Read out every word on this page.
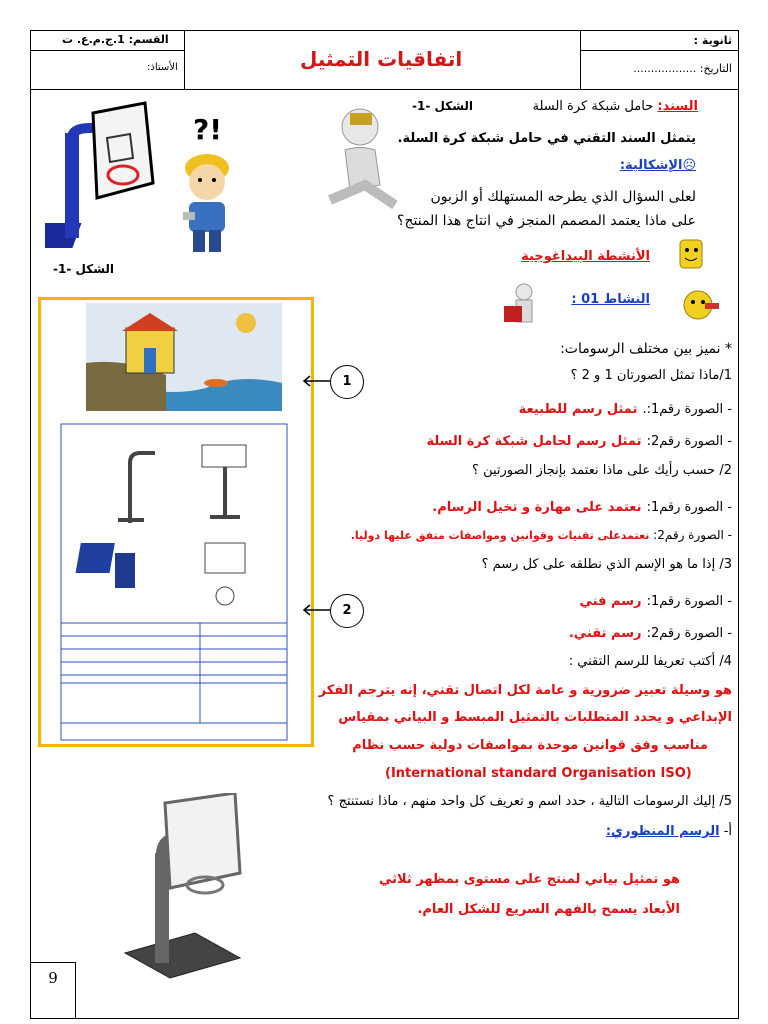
ثانوية :
التاريخ: ..................
اتفاقيات التمثيل
القسم: 1.ج.م.ع. ت
الأستاذ:
الشكل -1-
!?
السند: حامل شبكة كرة السلة
الشكل -1-
يتمثل السند التقني في حامل شبكة كرة السلة.
☹الإشكالية:
لعلى السؤال الذي يطرحه المستهلك أو الزبون
على ماذا يعتمد المصمم المنجز في انتاج هذا المنتج؟
الأنشطة البيداغوجية
النشاط 01 :
* نميز بين مختلف الرسومات:
1/ماذا تمثل الصورتان 1 و 2 ؟
- الصورة رقم1:. تمثل رسم للطبيعة
- الصورة رقم2: تمثل رسم لحامل شبكة كرة السلة
2/ حسب رأيك على ماذا نعتمد بإنجاز الصورتين ؟
- الصورة رقم1: نعتمد على مهارة و تخيل الرسام.
- الصورة رقم2: نعتمدعلى تقنيات وقوانين ومواصفات متفق عليها دوليا.
3/ إذا ما هو الإسم الذي نطلقه على كل رسم ؟
- الصورة رقم1: رسم فني
- الصورة رقم2: رسم تقني.
4/ أكتب تعريفا للرسم التقني :
هو وسيلة تعبير ضرورية و عامة لكل اتصال تقني، إنه يترجم الفكر
الإبداعي و يحدد المتطلبات بالتمثيل المبسط و البياني بمقياس
مناسب وفق قوانين موحدة بمواصفات دولية حسب نظام
(International standard Organisation ISO)
5/ إليك الرسومات التالية ، حدد اسم و تعريف كل واحد منهم ، ماذا نستنتج ؟
أ- الرسم المنظوري:
هو تمثيل بياني لمنتج على مستوى بمظهر ثلاثي
الأبعاد يسمح بالفهم السريع للشكل العام.
1
2
9
